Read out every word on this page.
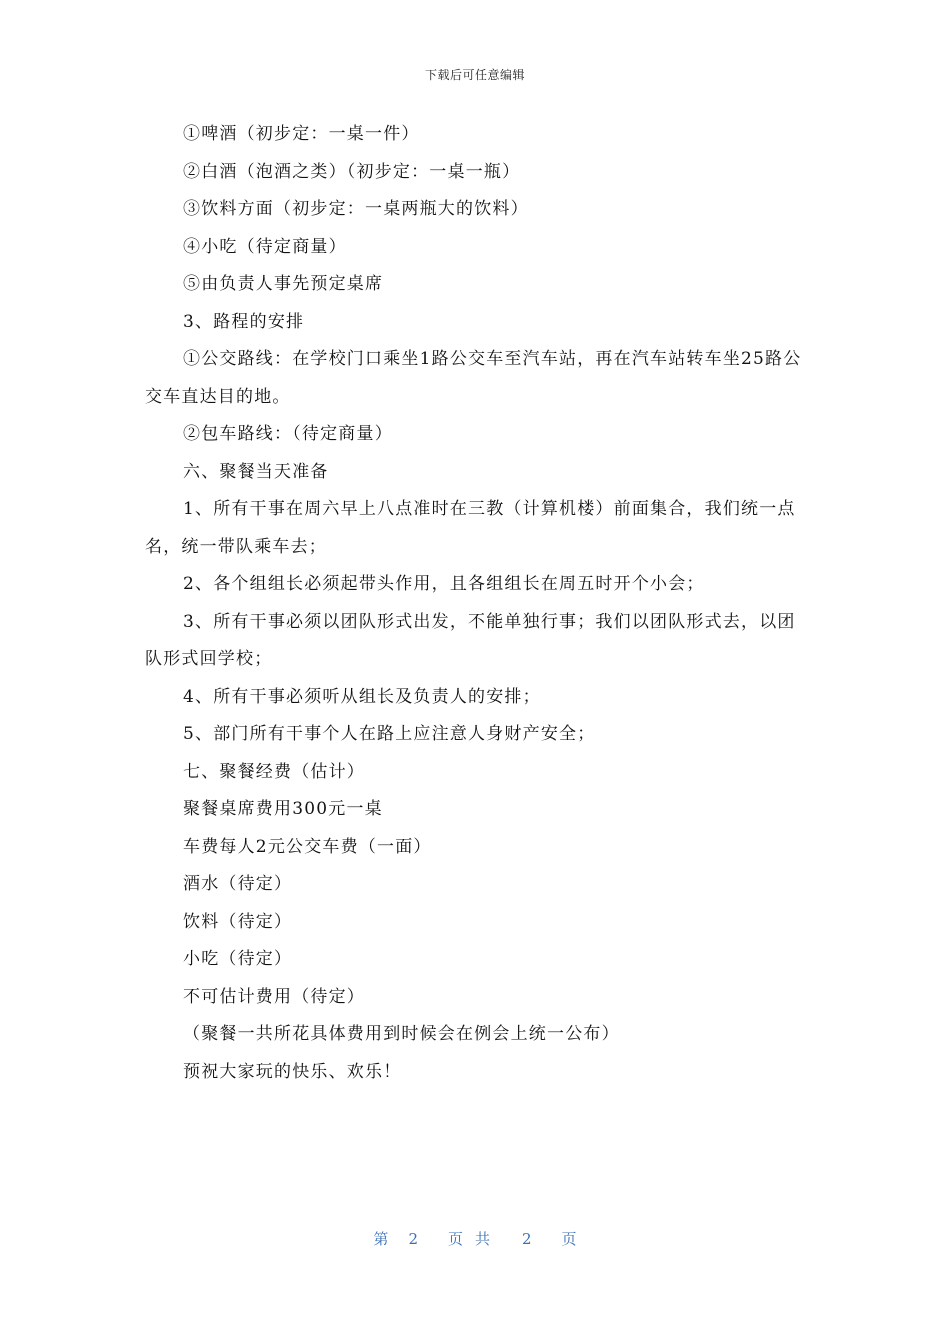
下载后可任意编辑

①啤酒（初步定：一桌一件）

②白酒（泡酒之类）（初步定：一桌一瓶）

③饮料方面（初步定：一桌两瓶大的饮料）

④小吃（待定商量）

⑤由负责人事先预定桌席

3、路程的安排

①公交路线：在学校门口乘坐1路公交车至汽车站，再在汽车站转车坐25路公交车直达目的地。

②包车路线：（待定商量）

六、聚餐当天准备

1、所有干事在周六早上八点准时在三教（计算机楼）前面集合，我们统一点名，统一带队乘车去；

2、各个组组长必须起带头作用，且各组组长在周五时开个小会；

3、所有干事必须以团队形式出发，不能单独行事；我们以团队形式去，以团队形式回学校；

4、所有干事必须听从组长及负责人的安排；

5、部门所有干事个人在路上应注意人身财产安全；

七、聚餐经费（估计）

聚餐桌席费用300元一桌

车费每人2元公交车费（一面）

酒水（待定）

饮料（待定）

小吃（待定）

不可估计费用（待定）

（聚餐一共所花具体费用到时候会在例会上统一公布）

预祝大家玩的快乐、欢乐！

第 2 页共 2 页
